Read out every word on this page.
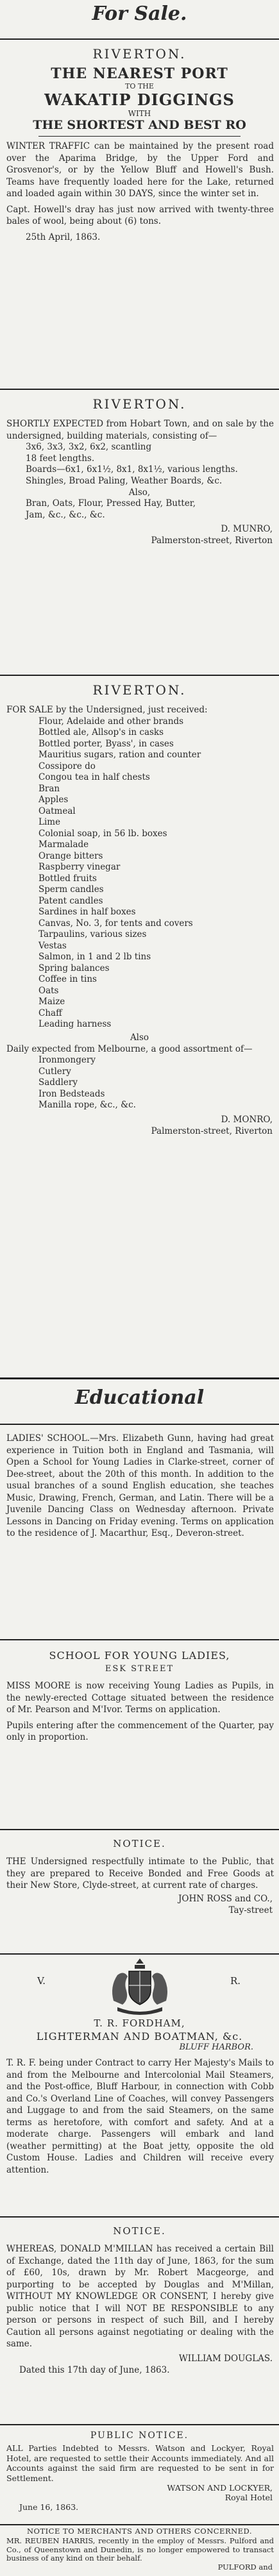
For Sale.
RIVERTON.
THE NEAREST PORT
TO THE
WAKATIP DIGGINGS
WITH
THE SHORTEST AND BEST RO

WINTER TRAFFIC can be maintained by the present road over the Aparima Bridge, by the Upper Ford and Grosvenor's, or by the Yellow Bluff and Howell's Bush. Teams have frequently loaded here for the Lake, returned and loaded again within 30 DAYS, since the winter set in.

Capt. Howell's dray has just now arrived with twenty-three bales of wool, being about (6) tons.

25th April, 1863.

RIVERTON.

SHORTLY EXPECTED from Hobart Town, and on sale by the undersigned, building materials, consisting of—

3x6, 3x3, 3x2, 6x2, scantling
18 feet lengths.
Boards—6x1, 6x1½, 8x1, 8x1½, various lengths.
Shingles, Broad Paling, Weather Boards, &c.
Also,
Bran, Oats, Flour, Pressed Hay, Butter,
Jam, &c., &c., &c.
D. MUNRO,
Palmerston-street, Riverton
RIVERTON.

FOR SALE by the Undersigned, just received:

Flour, Adelaide and other brands
Bottled ale, Allsop's in casks
Bottled porter, Byass', in cases
Mauritius sugars, ration and counter
Cossipore do
Congou tea in half chests
Bran
Apples
Oatmeal
Lime
Colonial soap, in 56 lb. boxes
Marmalade
Orange bitters
Raspberry vinegar
Bottled fruits
Sperm candles
Patent candles
Sardines in half boxes
Canvas, No. 3, for tents and covers
Tarpaulins, various sizes
Vestas
Salmon, in 1 and 2 lb tins
Spring balances
Coffee in tins
Oats
Maize
Chaff
Leading harness
Also

Daily expected from Melbourne, a good assortment of—

Ironmongery
Cutlery
Saddlery
Iron Bedsteads
Manilla rope, &c., &c.
D. MONRO,
Palmerston-street, Riverton
Educational

LADIES' SCHOOL.—Mrs. Elizabeth Gunn, having had great experience in Tuition both in England and Tasmania, will Open a School for Young Ladies in Clarke-street, corner of Dee-street, about the 20th of this month. In addition to the usual branches of a sound English education, she teaches Music, Drawing, French, German, and Latin. There will be a Juvenile Dancing Class on Wednesday afternoon. Private Lessons in Dancing on Friday evening. Terms on application to the residence of J. Macarthur, Esq., Deveron-street.

SCHOOL FOR YOUNG LADIES,
ESK STREET

MISS MOORE is now receiving Young Ladies as Pupils, in the newly-erected Cottage situated between the residence of Mr. Pearson and M'Ivor. Terms on application.

Pupils entering after the commencement of the Quarter, pay only in proportion.

NOTICE.

THE Undersigned respectfully intimate to the Public, that they are prepared to Receive Bonded and Free Goods at their New Store, Clyde-street, at current rate of charges.

JOHN ROSS and CO.,
Tay-street
V.	R.
T. R. FORDHAM,
LIGHTERMAN AND BOATMAN, &c.
BLUFF HARBOR.

T. R. F. being under Contract to carry Her Majesty's Mails to and from the Melbourne and Intercolonial Mail Steamers, and the Post-office, Bluff Harbour, in connection with Cobb and Co.'s Overland Line of Coaches, will convey Passengers and Luggage to and from the said Steamers, on the same terms as heretofore, with comfort and safety. And at a moderate charge. Passengers will embark and land (weather permitting) at the Boat jetty, opposite the old Custom House. Ladies and Children will receive every attention.

NOTICE.

WHEREAS, DONALD M'MILLAN has received a certain Bill of Exchange, dated the 11th day of June, 1863, for the sum of £60, 10s, drawn by Mr. Robert Macgeorge, and purporting to be accepted by Douglas and M'Millan, WITHOUT MY KNOWLEDGE OR CONSENT, I hereby give public notice that I will NOT BE RESPONSIBLE to any person or persons in respect of such Bill, and I hereby Caution all persons against negotiating or dealing with the same.

WILLIAM DOUGLAS.

Dated this 17th day of June, 1863.

PUBLIC NOTICE.

ALL Parties Indebted to Messrs. Watson and Lockyer, Royal Hotel, are requested to settle their Accounts immediately. And all Accounts against the said firm are requested to be sent in for Settlement.

WATSON AND LOCKYER,
Royal Hotel

June 16, 1863.

NOTICE TO MERCHANTS AND OTHERS CONCERNED.

MR. REUBEN HARRIS, recently in the employ of Messrs. Pulford and Co., of Queenstown and Dunedin, is no longer empowered to transact business of any kind on their behalf.

PULFORD and
